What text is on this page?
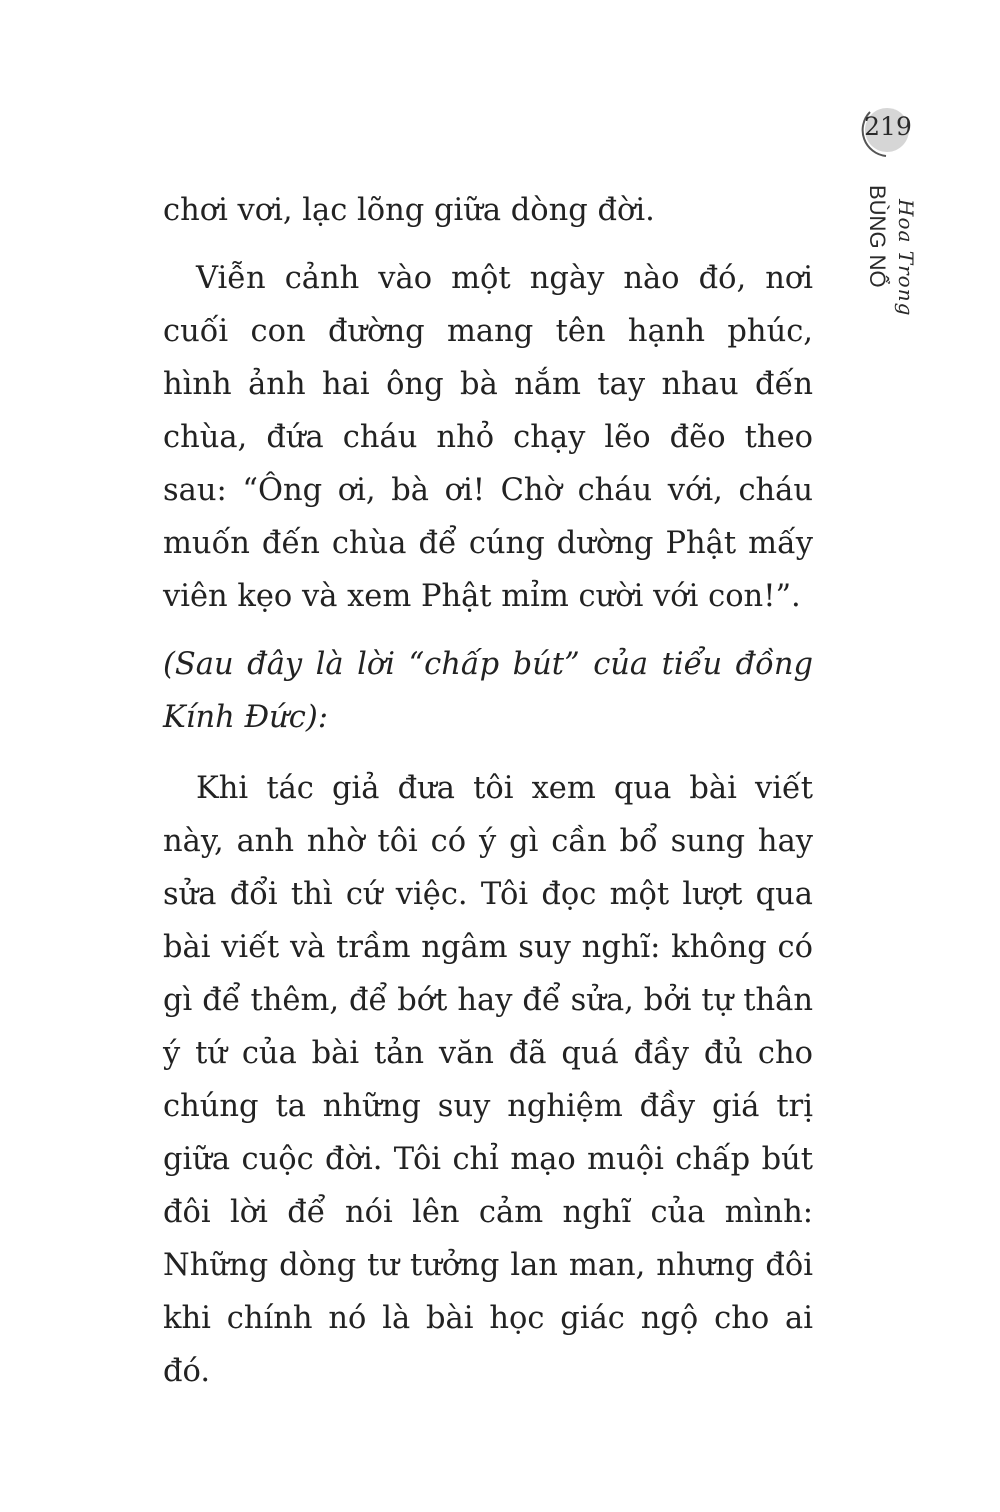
219
Hoa Trong
BÙNG NỔ

chơi vơi, lạc lõng giữa dòng đời.

Viễn cảnh vào một ngày nào đó, nơi cuối con đường mang tên hạnh phúc, hình ảnh hai ông bà nắm tay nhau đến chùa, đứa cháu nhỏ chạy lẽo đẽo theo sau: “Ông ơi, bà ơi! Chờ cháu với, cháu muốn đến chùa để cúng dường Phật mấy viên kẹo và xem Phật mỉm cười với con!”.

(Sau đây là lời “chấp bút” của tiểu đồng Kính Đức):

Khi tác giả đưa tôi xem qua bài viết này, anh nhờ tôi có ý gì cần bổ sung hay sửa đổi thì cứ việc. Tôi đọc một lượt qua bài viết và trầm ngâm suy nghĩ: không có gì để thêm, để bớt hay để sửa, bởi tự thân ý tứ của bài tản văn đã quá đầy đủ cho chúng ta những suy nghiệm đầy giá trị giữa cuộc đời. Tôi chỉ mạo muội chấp bút đôi lời để nói lên cảm nghĩ của mình: Những dòng tư tưởng lan man, nhưng đôi khi chính nó là bài học giác ngộ cho ai đó.
